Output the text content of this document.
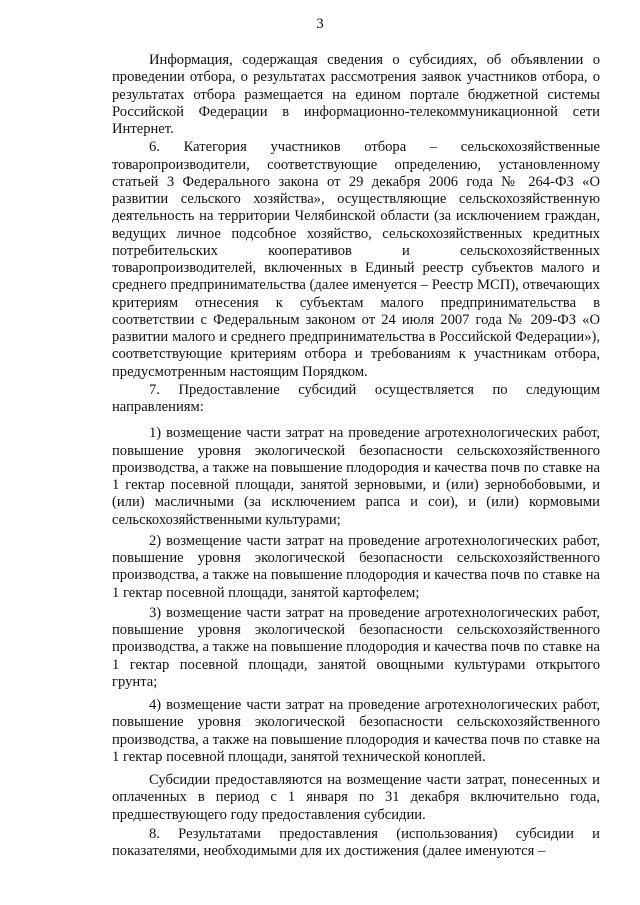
3

Информация, содержащая сведения о субсидиях, об объявлении о проведении отбора, о результатах рассмотрения заявок участников отбора, о результатах отбора размещается на едином портале бюджетной системы Российской Федерации в информационно-телекоммуникационной сети Интернет.

6. Категория участников отбора – сельскохозяйственные товаропроизводители, соответствующие определению, установленному статьей 3 Федерального закона от 29 декабря 2006 года № 264-ФЗ «О развитии сельского хозяйства», осуществляющие сельскохозяйственную деятельность на территории Челябинской области (за исключением граждан, ведущих личное подсобное хозяйство, сельскохозяйственных кредитных потребительских кооперативов и сельскохозяйственных товаропроизводителей, включенных в Единый реестр субъектов малого и среднего предпринимательства (далее именуется – Реестр МСП), отвечающих критериям отнесения к субъектам малого предпринимательства в соответствии с Федеральным законом от 24 июля 2007 года № 209-ФЗ «О развитии малого и среднего предпринимательства в Российской Федерации»), соответствующие критериям отбора и требованиям к участникам отбора, предусмотренным настоящим Порядком.

7. Предоставление субсидий осуществляется по следующим направлениям:

1) возмещение части затрат на проведение агротехнологических работ, повышение уровня экологической безопасности сельскохозяйственного производства, а также на повышение плодородия и качества почв по ставке на 1 гектар посевной площади, занятой зерновыми, и (или) зернобобовыми, и (или) масличными (за исключением рапса и сои), и (или) кормовыми сельскохозяйственными культурами;

2) возмещение части затрат на проведение агротехнологических работ, повышение уровня экологической безопасности сельскохозяйственного производства, а также на повышение плодородия и качества почв по ставке на 1 гектар посевной площади, занятой картофелем;

3) возмещение части затрат на проведение агротехнологических работ, повышение уровня экологической безопасности сельскохозяйственного производства, а также на повышение плодородия и качества почв по ставке на 1 гектар посевной площади, занятой овощными культурами открытого грунта;

4) возмещение части затрат на проведение агротехнологических работ, повышение уровня экологической безопасности сельскохозяйственного производства, а также на повышение плодородия и качества почв по ставке на 1 гектар посевной площади, занятой технической коноплей.

Субсидии предоставляются на возмещение части затрат, понесенных и оплаченных в период с 1 января по 31 декабря включительно года, предшествующего году предоставления субсидии.

8. Результатами предоставления (использования) субсидии и показателями, необходимыми для их достижения (далее именуются –
